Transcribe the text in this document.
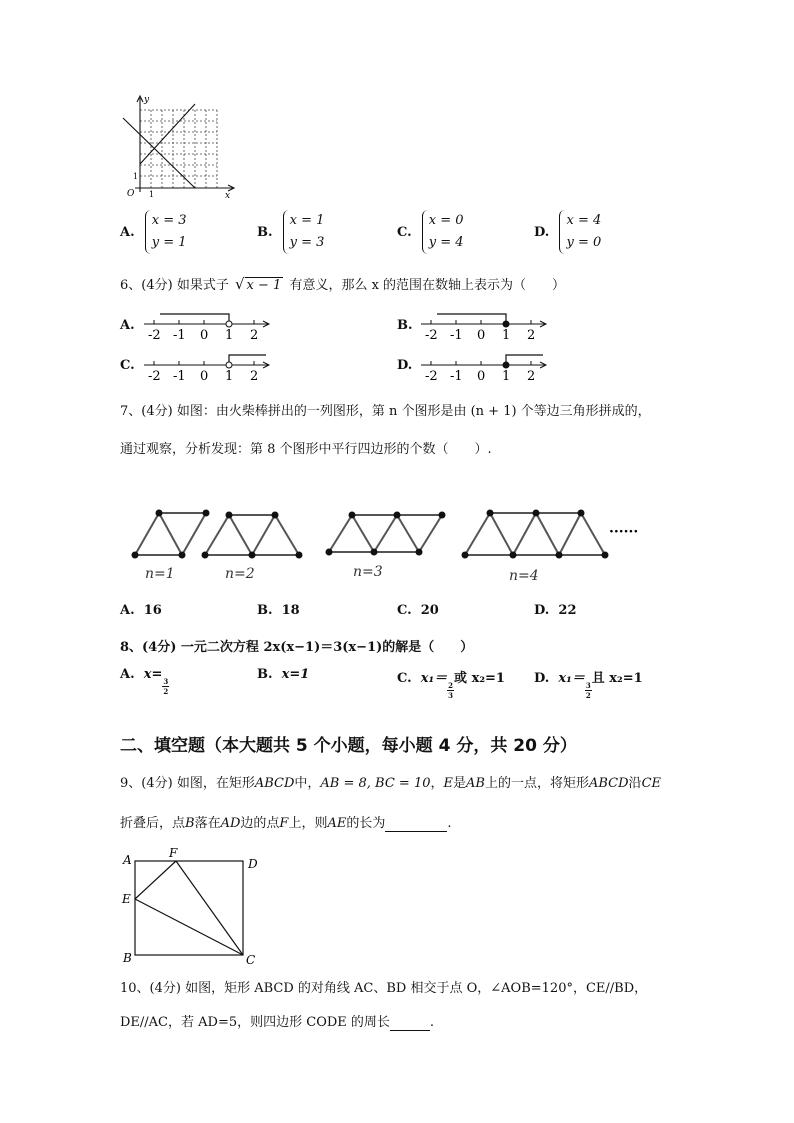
y
x
O 1
1
A. x = 3
y = 1
B. x = 1
y = 3
C. x = 0
y = 4
D. x = 4
y = 0
6、(4分) 如果式子 √ x − 1 有意义，那么 x 的范围在数轴上表示为（　　）
A.
-2 -1 0 1 2
B.
-2 -1 0 1 2
C.
-2 -1 0 1 2
D.
-2 -1 0 1 2
7、(4分) 如图：由火柴棒拼出的一列图形，第 n 个图形是由 (n + 1) 个等边三角形拼成的，
通过观察，分析发现：第 8 个图形中平行四边形的个数（　　）.
n=1	n=2	n=3	n=4
······
A. 16	B. 18	C. 20	D. 22
8、(4分) 一元二次方程 2x(x−1)＝3(x−1)的解是（　　）
A. x=
$\frac{3}{2}$
B. x=1	C. x₁＝
$\frac{2}{3}$
或 x₂=1 D. x₁＝
$\frac{3}{2}$
且 x₂=1
二、填空题（本大题共 5 个小题，每小题 4 分，共 20 分）
9、(4分) 如图，在矩形ABCD中，AB = 8, BC = 10，E是AB上的一点，将矩形ABCD沿CE
折叠后，点B落在AD边的点F上，则AE的长为	.
A	F
D
E
B	C
10、(4分) 如图，矩形 ABCD 的对角线 AC、BD 相交于点 O，∠AOB=120°，CE//BD，
DE//AC，若 AD=5，则四边形 CODE 的周长	.
